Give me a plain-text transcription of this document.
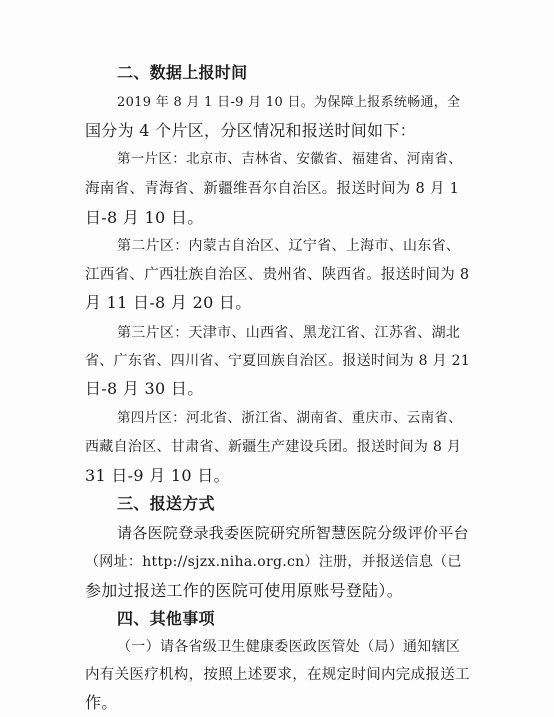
二、数据上报时间
2019 年 8 月 1 日-9 月 10 日。为保障上报系统畅通，全
国分为 4 个片区，分区情况和报送时间如下：
第一片区：北京市、吉林省、安徽省、福建省、河南省、
海南省、青海省、新疆维吾尔自治区。报送时间为 8 月 1
日-8 月 10 日。
第二片区：内蒙古自治区、辽宁省、上海市、山东省、
江西省、广西壮族自治区、贵州省、陕西省。报送时间为 8
月 11 日-8 月 20 日。
第三片区：天津市、山西省、黑龙江省、江苏省、湖北
省、广东省、四川省、宁夏回族自治区。报送时间为 8 月 21
日-8 月 30 日。
第四片区：河北省、浙江省、湖南省、重庆市、云南省、
西藏自治区、甘肃省、新疆生产建设兵团。报送时间为 8 月
31 日-9 月 10 日。
三、报送方式
请各医院登录我委医院研究所智慧医院分级评价平台
（网址：http://sjzx.niha.org.cn）注册，并报送信息（已
参加过报送工作的医院可使用原账号登陆）。
四、其他事项
（一）请各省级卫生健康委医政医管处（局）通知辖区
内有关医疗机构，按照上述要求，在规定时间内完成报送工
作。
